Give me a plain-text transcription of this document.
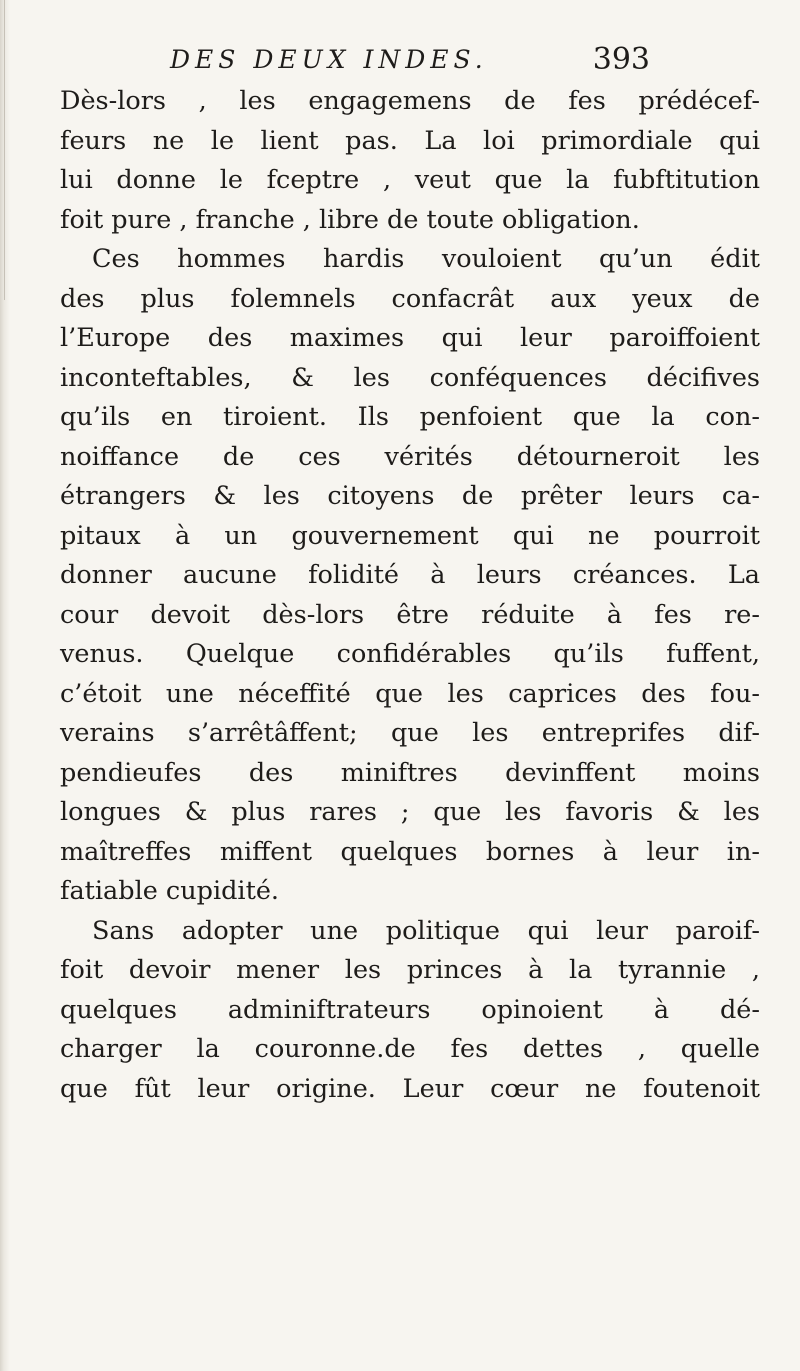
DES DEUX INDES.	393
Dès-lors , les engagemens de fes prédécef-
feurs ne le lient pas. La loi primordiale qui
lui donne le fceptre , veut que la fubftitution
foit pure , franche , libre de toute obligation.
Ces hommes hardis vouloient qu’un édit
des plus folemnels confacrât aux yeux de
l’Europe des maximes qui leur paroiffoient
inconteftables, & les conféquences décifives
qu’ils en tiroient. Ils penfoient que la con-
noiffance de ces vérités détourneroit les
étrangers & les citoyens de prêter leurs ca-
pitaux à un gouvernement qui ne pourroit
donner aucune folidité à leurs créances. La
cour devoit dès-lors être réduite à fes re-
venus. Quelque confidérables qu’ils fuffent,
c’étoit une néceffité que les caprices des fou-
verains s’arrêtâffent; que les entreprifes dif-
pendieufes des miniftres devinffent moins
longues & plus rares ; que les favoris & les
maîtreffes miffent quelques bornes à leur in-
fatiable cupidité.
Sans adopter une politique qui leur paroif-
foit devoir mener les princes à la tyrannie ,
quelques adminiftrateurs opinoient à dé-
charger la couronne.de fes dettes , quelle
que fût leur origine. Leur cœur ne foutenoit
